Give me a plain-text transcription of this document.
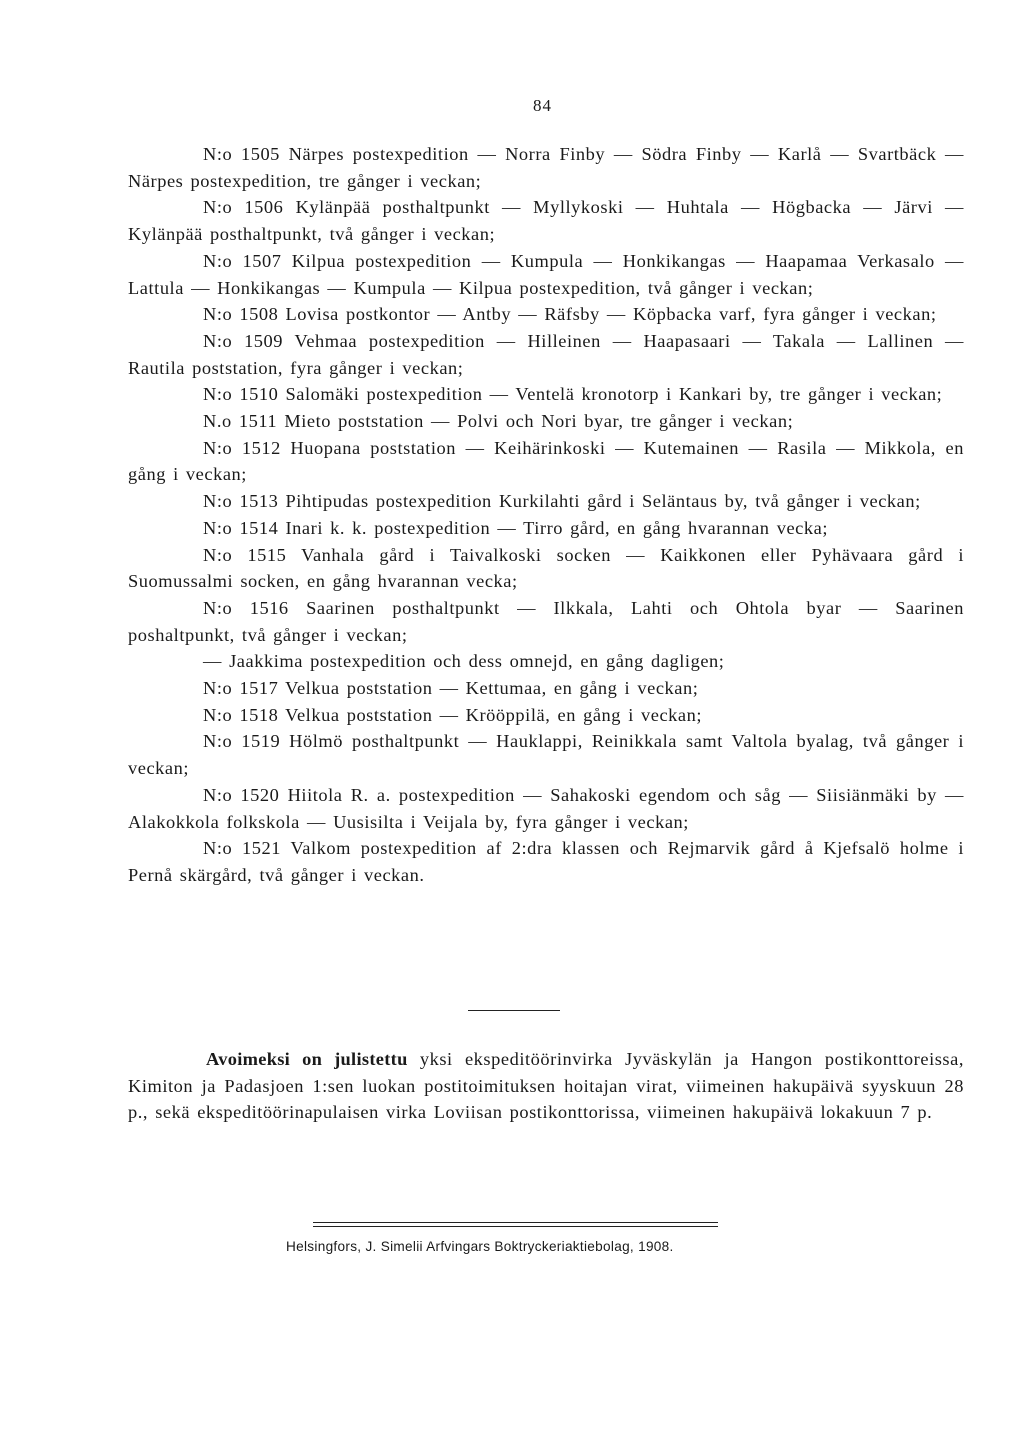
84

N:o 1505 Närpes postexpedition — Norra Finby — Södra Finby — Karlå — Svartbäck — Närpes postexpedition, tre gånger i veckan;

N:o 1506 Kylänpää posthaltpunkt — Myllykoski — Huhtala — Högbacka — Järvi — Kylänpää posthaltpunkt, två gånger i veckan;

N:o 1507 Kilpua postexpedition — Kumpula — Honkikangas — Haapamaa Verkasalo — Lattula — Honkikangas — Kumpula — Kilpua postexpedition, två gånger i veckan;

N:o 1508 Lovisa postkontor — Antby — Räfsby — Köpbacka varf, fyra gånger i veckan;

N:o 1509 Vehmaa postexpedition — Hilleinen — Haapasaari — Takala — Lallinen — Rautila poststation, fyra gånger i veckan;

N:o 1510 Salomäki postexpedition — Ventelä kronotorp i Kankari by, tre gånger i veckan;

N.o 1511 Mieto poststation — Polvi och Nori byar, tre gånger i veckan;

N:o 1512 Huopana poststation — Keihärinkoski — Kutemainen — Rasila — Mikkola, en gång i veckan;

N:o 1513 Pihtipudas postexpedition Kurkilahti gård i Seläntaus by, två gånger i veckan;

N:o 1514 Inari k. k. postexpedition — Tirro gård, en gång hvarannan vecka;

N:o 1515 Vanhala gård i Taivalkoski socken — Kaikkonen eller Pyhävaara gård i Suomussalmi socken, en gång hvarannan vecka;

N:o 1516 Saarinen posthaltpunkt — Ilkkala, Lahti och Ohtola byar — Saarinen poshaltpunkt, två gånger i veckan;

— Jaakkima postexpedition och dess omnejd, en gång dagligen;

N:o 1517 Velkua poststation — Kettumaa, en gång i veckan;

N:o 1518 Velkua poststation — Krööppilä, en gång i veckan;

N:o 1519 Hölmö posthaltpunkt — Hauklappi, Reinikkala samt Valtola byalag, två gånger i veckan;

N:o 1520 Hiitola R. a. postexpedition — Sahakoski egendom och såg — Siisiänmäki by — Alakokkola folkskola — Uusisilta i Veijala by, fyra gånger i veckan;

N:o 1521 Valkom postexpedition af 2:dra klassen och Rejmarvik gård å Kjefsalö holme i Pernå skärgård, två gånger i veckan.

Avoimeksi on julistettu yksi ekspeditöörinvirka Jyväskylän ja Hangon postikonttoreissa, Kimiton ja Padasjoen 1:sen luokan postitoimituksen hoitajan virat, viimeinen hakupäivä syyskuun 28 p., sekä ekspeditöörinapulaisen virka Loviisan postikonttorissa, viimeinen hakupäivä lokakuun 7 p.

Helsingfors, J. Simelii Arfvingars Boktryckeriaktiebolag, 1908.
